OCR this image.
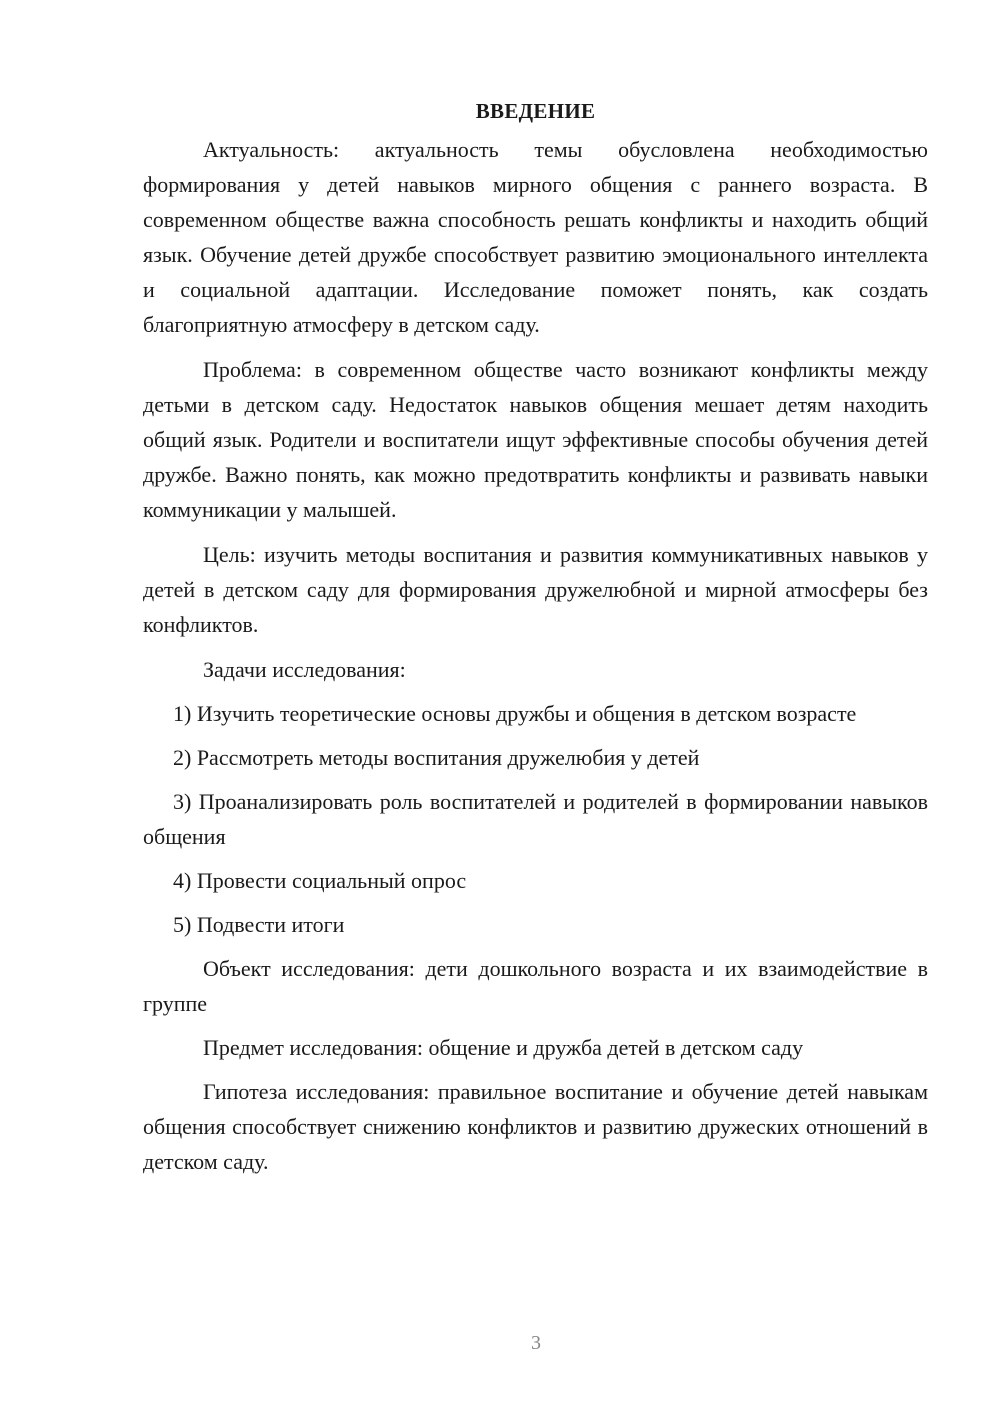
ВВЕДЕНИЕ

Актуальность: актуальность темы обусловлена необходимостью формирования у детей навыков мирного общения с раннего возраста. В современном обществе важна способность решать конфликты и находить общий язык. Обучение детей дружбе способствует развитию эмоционального интеллекта и социальной адаптации. Исследование поможет понять, как создать благоприятную атмосферу в детском саду.

Проблема: в современном обществе часто возникают конфликты между детьми в детском саду. Недостаток навыков общения мешает детям находить общий язык. Родители и воспитатели ищут эффективные способы обучения детей дружбе. Важно понять, как можно предотвратить конфликты и развивать навыки коммуникации у малышей.

Цель: изучить методы воспитания и развития коммуникативных навыков у детей в детском саду для формирования дружелюбной и мирной атмосферы без конфликтов.

Задачи исследования:

1) Изучить теоретические основы дружбы и общения в детском возрасте

2) Рассмотреть методы воспитания дружелюбия у детей

3) Проанализировать роль воспитателей и родителей в формировании навыков общения

4) Провести социальный опрос

5) Подвести итоги

Объект исследования: дети дошкольного возраста и их взаимодействие в группе

Предмет исследования: общение и дружба детей в детском саду

Гипотеза исследования: правильное воспитание и обучение детей навыкам общения способствует снижению конфликтов и развитию дружеских отношений в детском саду.

3
